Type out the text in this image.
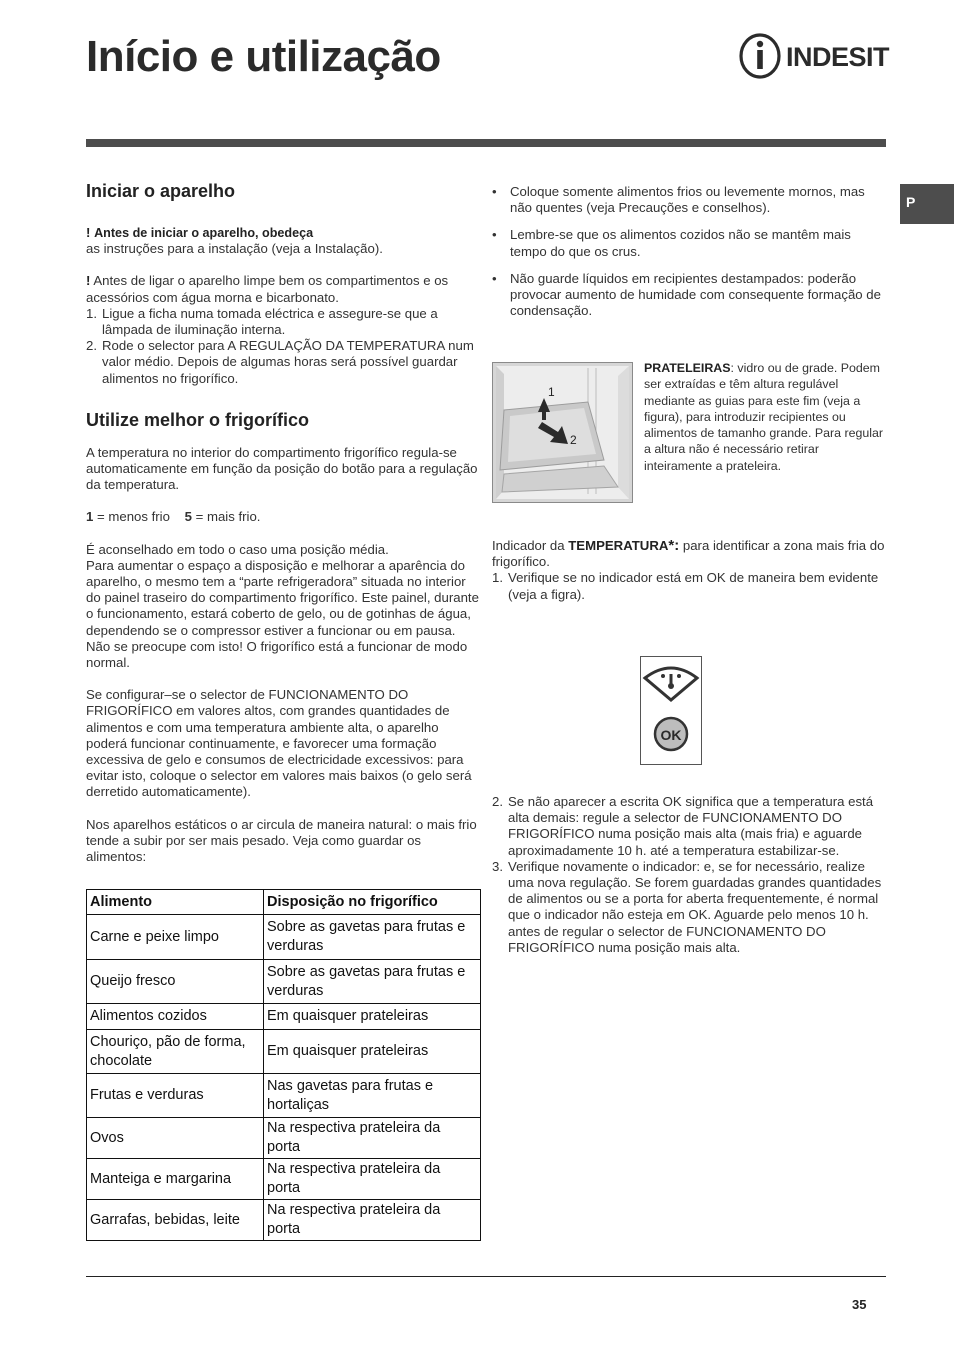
Início e utilização	INDESIT
P
Iniciar o aparelho

! Antes de iniciar o aparelho, obedeça
as instruções para a instalação (veja a Instalação).

! Antes de ligar o aparelho limpe bem os compartimentos e os acessórios com água morna e bicarbonato.

1. Ligue a ficha numa tomada eléctrica e assegure-se que a lâmpada de iluminação interna.
2. Rode o selector para A REGULAÇÃO DA TEMPERATURA num valor médio. Depois de algumas horas será possível guardar alimentos no frigorífico.
Utilize melhor o frigorífico

A temperatura no interior do compartimento frigorífico regula-se automaticamente em função da posição do botão para a regulação da temperatura.

1 = menos frio 5 = mais frio.

É aconselhado em todo o caso uma posição média.

Para aumentar o espaço a disposição e melhorar a aparência do aparelho, o mesmo tem a “parte refrigeradora” situada no interior do painel traseiro do compartimento frigorífico. Este painel, durante o funcionamento, estará coberto de gelo, ou de gotinhas de água, dependendo se o compressor estiver a funcionar ou em pausa. Não se preocupe com isto! O frigorífico está a funcionar de modo normal.

Se configurar–se o selector de FUNCIONAMENTO DO FRIGORÍFICO em valores altos, com grandes quantidades de alimentos e com uma temperatura ambiente alta, o aparelho poderá funcionar continuamente, e favorecer uma formação excessiva de gelo e consumos de electricidade excessivos: para evitar isto, coloque o selector em valores mais baixos (o gelo será derretido automaticamente).

Nos aparelhos estáticos o ar circula de maneira natural: o mais frio tende a subir por ser mais pesado. Veja como guardar os alimentos:

Alimento	Disposição no frigorífico
Carne e peixe limpo	Sobre as gavetas para frutas e verduras
Queijo fresco	Sobre as gavetas para frutas e verduras
Alimentos cozidos	Em quaisquer prateleiras
Chouriço, pão de forma, chocolate	Em quaisquer prateleiras
Frutas e verduras	Nas gavetas para frutas e hortaliças
Ovos	Na respectiva prateleira da porta
Manteiga e margarina	Na respectiva prateleira da porta
Garrafas, bebidas, leite	Na respectiva prateleira da porta
• Coloque somente alimentos frios ou levemente mornos, mas não quentes (veja Precauções e conselhos).
• Lembre-se que os alimentos cozidos não se mantêm mais tempo do que os crus.
• Não guarde líquidos em recipientes destampados: poderão provocar aumento de humidade com consequente formação de condensação.
1
2

PRATELEIRAS: vidro ou de grade. Podem ser extraídas e têm altura regulável mediante as guias para este fim (veja a figura), para introduzir recipientes ou alimentos de tamanho grande. Para regular a altura não é necessário retirar inteiramente a prateleira.

Indicador da TEMPERATURA*: para identificar a zona mais fria do frigorífico.

1. Verifique se no indicador está em OK de maneira bem evidente (veja a figra).
OK
2. Se não aparecer a escrita OK significa que a temperatura está alta demais: regule a selector de FUNCIONAMENTO DO FRIGORÍFICO numa posição mais alta (mais fria) e aguarde aproximadamente 10 h. até a temperatura estabilizar-se.
3. Verifique novamente o indicador: e, se for necessário, realize uma nova regulação. Se forem guardadas grandes quantidades de alimentos ou se a porta for aberta frequentemente, é normal que o indicador não esteja em OK. Aguarde pelo menos 10 h. antes de regular o selector de FUNCIONAMENTO DO FRIGORÍFICO numa posição mais alta.
35
